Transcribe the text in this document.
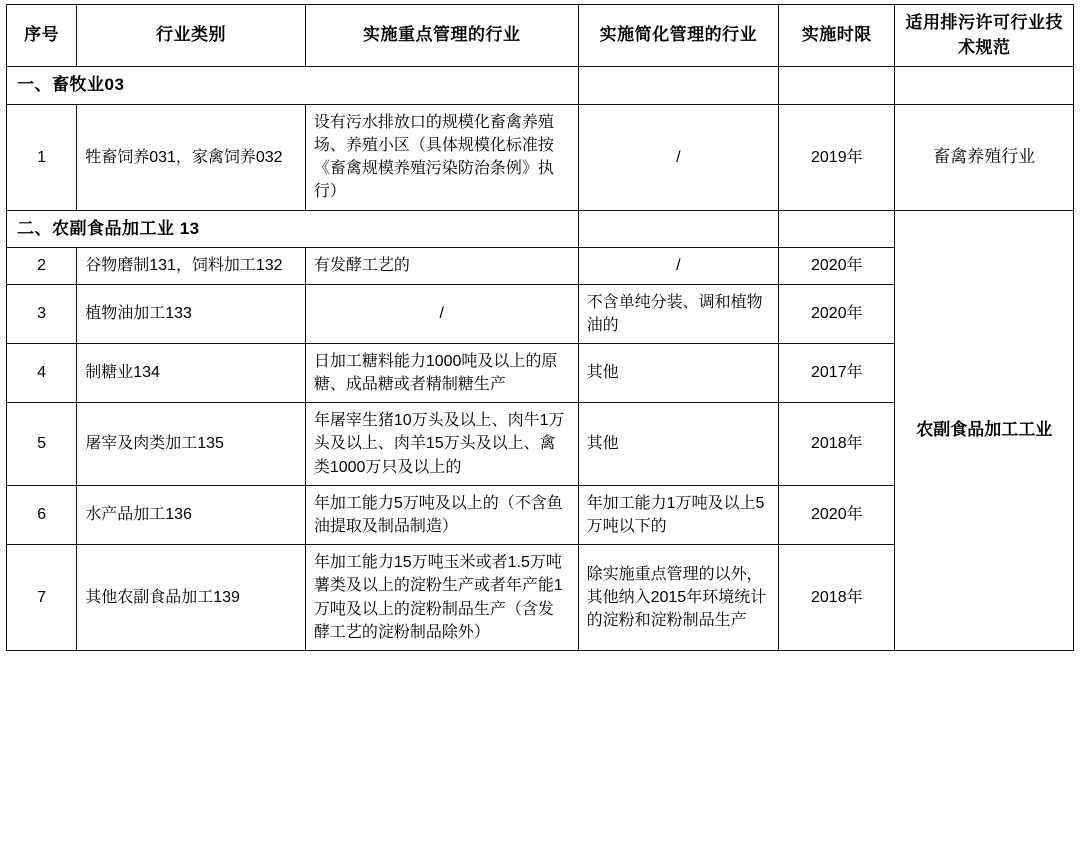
序号	行业类别	实施重点管理的行业	实施简化管理的行业	实施时限	适用排污许可行业技术规范
一、畜牧业03					
1	牲畜饲养031，家禽饲养032	设有污水排放口的规模化畜禽养殖场、养殖小区（具体规模化标准按《畜禽规模养殖污染防治条例》执行）	/	2019年	畜禽养殖行业
二、农副食品加工业 13					农副食品加工工业
2	谷物磨制131，饲料加工132	有发酵工艺的	/	2020年	
3	植物油加工133	/	不含单纯分装、调和植物油的	2020年	
4	制糖业134	日加工糖料能力1000吨及以上的原糖、成品糖或者精制糖生产	其他	2017年	
5	屠宰及肉类加工135	年屠宰生猪10万头及以上、肉牛1万头及以上、肉羊15万头及以上、禽类1000万只及以上的	其他	2018年	
6	水产品加工136	年加工能力5万吨及以上的（不含鱼油提取及制品制造）	年加工能力1万吨及以上5万吨以下的	2020年	
7	其他农副食品加工139	年加工能力15万吨玉米或者1.5万吨薯类及以上的淀粉生产或者年产能1万吨及以上的淀粉制品生产（含发酵工艺的淀粉制品除外）	除实施重点管理的以外，其他纳入2015年环境统计的淀粉和淀粉制品生产	2018年	
